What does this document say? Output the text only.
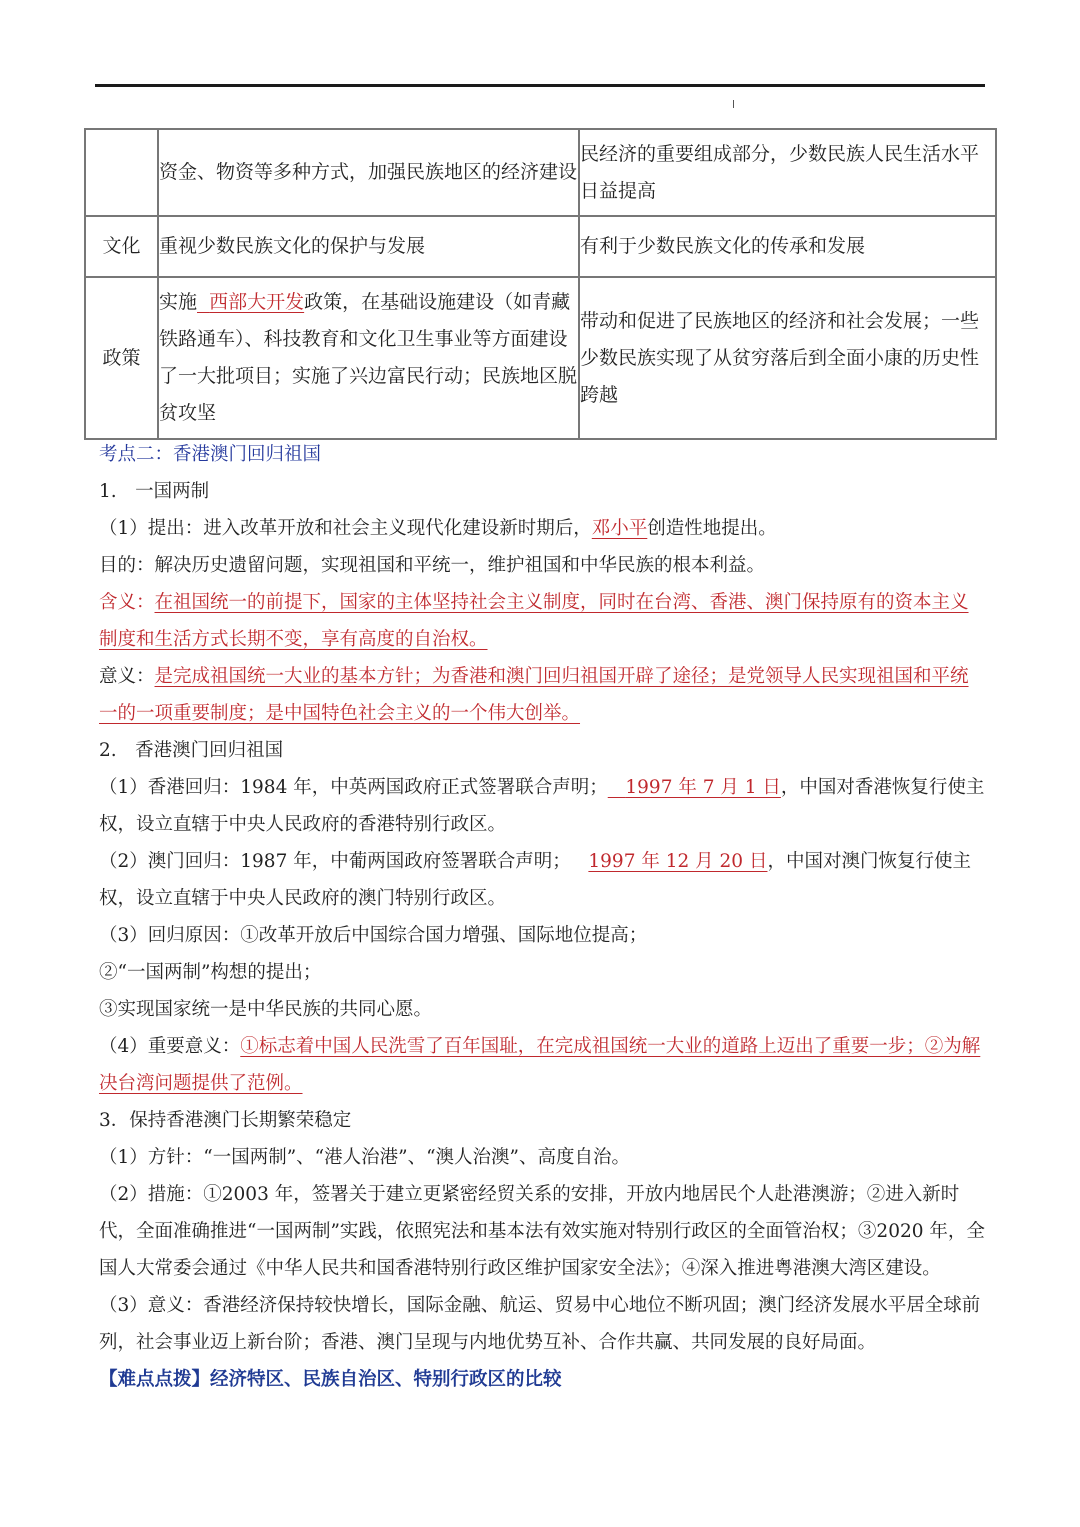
	资金、物资等多种方式，加强民族地区的经济建设	民经济的重要组成部分，少数民族人民生活水平日益提高
文化	重视少数民族文化的保护与发展	有利于少数民族文化的传承和发展
政策	实施 西部大开发政策，在基础设施建设（如青藏铁路通车）、科技教育和文化卫生事业等方面建设了一大批项目；实施了兴边富民行动；民族地区脱贫攻坚	带动和促进了民族地区的经济和社会发展；一些少数民族实现了从贫穷落后到全面小康的历史性跨越

考点二：香港澳门回归祖国

1.　一国两制

（1）提出：进入改革开放和社会主义现代化建设新时期后，邓小平创造性地提出。

目的：解决历史遗留问题，实现祖国和平统一，维护祖国和中华民族的根本利益。

含义：在祖国统一的前提下，国家的主体坚持社会主义制度，同时在台湾、香港、澳门保持原有的资本主义制度和生活方式长期不变，享有高度的自治权。

意义：是完成祖国统一大业的基本方针；为香港和澳门回归祖国开辟了途径；是党领导人民实现祖国和平统一的一项重要制度；是中国特色社会主义的一个伟大创举。

2.　香港澳门回归祖国

（1）香港回归：1984 年，中英两国政府正式签署联合声明； 1997 年 7 月 1 日，中国对香港恢复行使主权，设立直辖于中央人民政府的香港特别行政区。

（2）澳门回归：1987 年，中葡两国政府签署联合声明； 1997 年 12 月 20 日，中国对澳门恢复行使主权，设立直辖于中央人民政府的澳门特别行政区。

（3）回归原因：①改革开放后中国综合国力增强、国际地位提高；

②“一国两制”构想的提出；

③实现国家统一是中华民族的共同心愿。

（4）重要意义：①标志着中国人民洗雪了百年国耻，在完成祖国统一大业的道路上迈出了重要一步；②为解决台湾问题提供了范例。

3．保持香港澳门长期繁荣稳定

（1）方针：“一国两制”、“港人治港”、“澳人治澳”、高度自治。

（2）措施：①2003 年，签署关于建立更紧密经贸关系的安排，开放内地居民个人赴港澳游；②进入新时代，全面准确推进“一国两制”实践，依照宪法和基本法有效实施对特别行政区的全面管治权；③2020 年，全国人大常委会通过《中华人民共和国香港特别行政区维护国家安全法》；④深入推进粤港澳大湾区建设。

（3）意义：香港经济保持较快增长，国际金融、航运、贸易中心地位不断巩固；澳门经济发展水平居全球前列，社会事业迈上新台阶；香港、澳门呈现与内地优势互补、合作共赢、共同发展的良好局面。

【难点点拨】经济特区、民族自治区、特别行政区的比较
